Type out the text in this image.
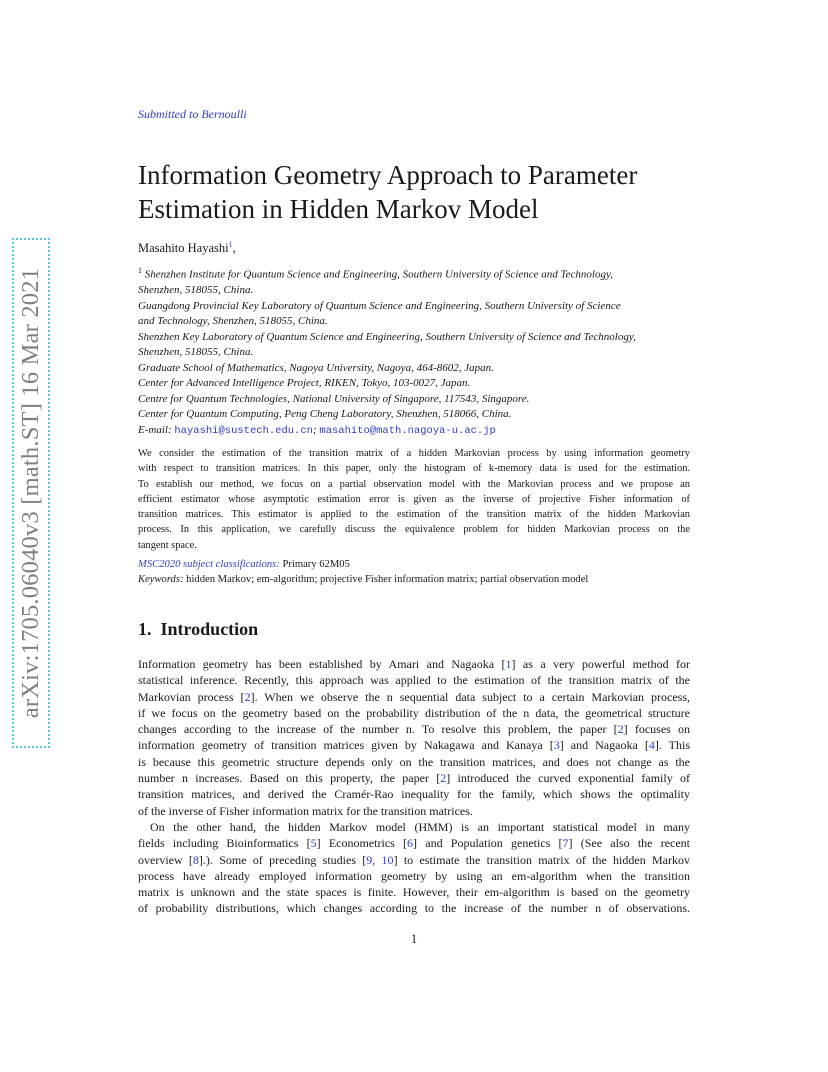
arXiv:1705.06040v3 [math.ST] 16 Mar 2021
Submitted to Bernoulli
Information Geometry Approach to Parameter
Estimation in Hidden Markov Model
Masahito Hayashi$^1$,
$^1$ Shenzhen Institute for Quantum Science and Engineering, Southern University of Science and Technology,
Shenzhen, 518055, China.
Guangdong Provincial Key Laboratory of Quantum Science and Engineering, Southern University of Science
and Technology, Shenzhen, 518055, China.
Shenzhen Key Laboratory of Quantum Science and Engineering, Southern University of Science and Technology,
Shenzhen, 518055, China.
Graduate School of Mathematics, Nagoya University, Nagoya, 464-8602, Japan.
Center for Advanced Intelligence Project, RIKEN, Tokyo, 103-0027, Japan.
Centre for Quantum Technologies, National University of Singapore, 117543, Singapore.
Center for Quantum Computing, Peng Cheng Laboratory, Shenzhen, 518066, China.
E-mail: hayashi@sustech.edu.cn; masahito@math.nagoya-u.ac.jp
We consider the estimation of the transition matrix of a hidden Markovian process by using information geometry
with respect to transition matrices. In this paper, only the histogram of k-memory data is used for the estimation.
To establish our method, we focus on a partial observation model with the Markovian process and we propose an
efficient estimator whose asymptotic estimation error is given as the inverse of projective Fisher information of
transition matrices. This estimator is applied to the estimation of the transition matrix of the hidden Markovian
process. In this application, we carefully discuss the equivalence problem for hidden Markovian process on the
tangent space.
MSC2020 subject classifications: Primary 62M05
Keywords: hidden Markov; em-algorithm; projective Fisher information matrix; partial observation model
1. Introduction
Information geometry has been established by Amari and Nagaoka [1] as a very powerful method for
statistical inference. Recently, this approach was applied to the estimation of the transition matrix of the
Markovian process [2]. When we observe the n sequential data subject to a certain Markovian process,
if we focus on the geometry based on the probability distribution of the n data, the geometrical structure
changes according to the increase of the number n. To resolve this problem, the paper [2] focuses on
information geometry of transition matrices given by Nakagawa and Kanaya [3] and Nagaoka [4]. This
is because this geometric structure depends only on the transition matrices, and does not change as the
number n increases. Based on this property, the paper [2] introduced the curved exponential family of
transition matrices, and derived the Cramér-Rao inequality for the family, which shows the optimality
of the inverse of Fisher information matrix for the transition matrices.
On the other hand, the hidden Markov model (HMM) is an important statistical model in many
fields including Bioinformatics [5] Econometrics [6] and Population genetics [7] (See also the recent
overview [8].). Some of preceding studies [9, 10] to estimate the transition matrix of the hidden Markov
process have already employed information geometry by using an em-algorithm when the transition
matrix is unknown and the state spaces is finite. However, their em-algorithm is based on the geometry
of probability distributions, which changes according to the increase of the number n of observations.
1
